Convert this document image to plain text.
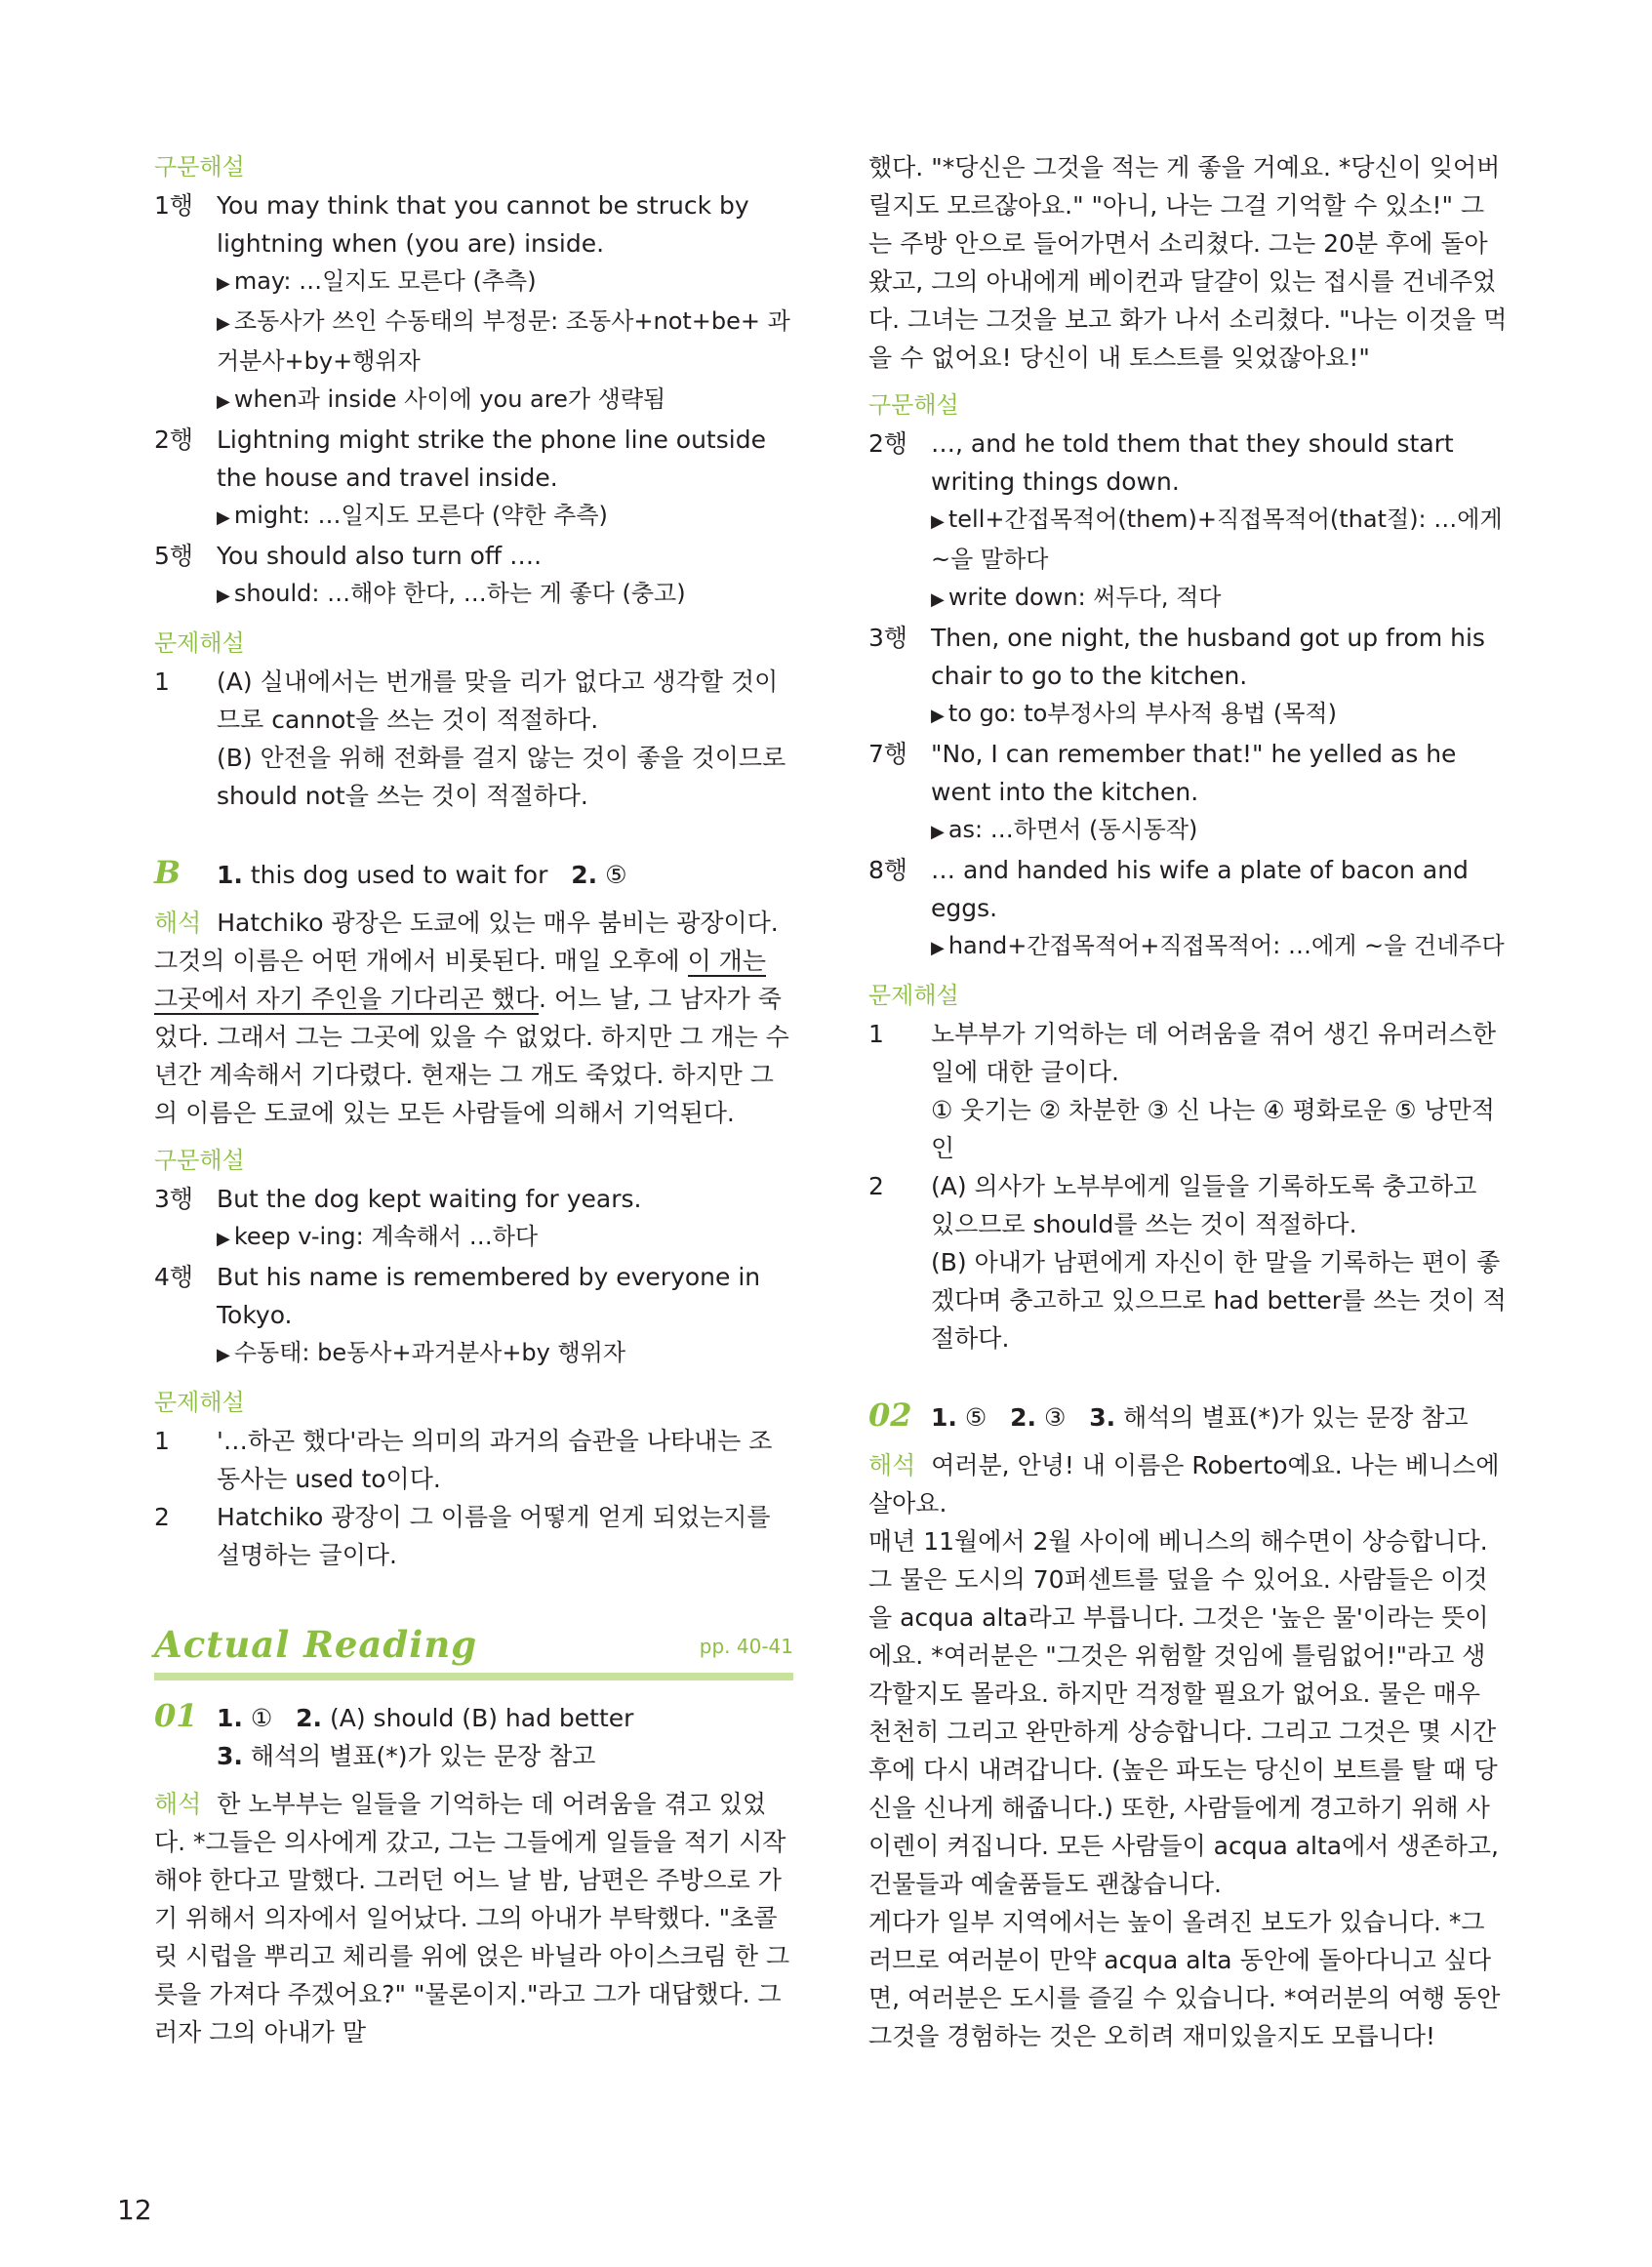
구문해설
1행 You may think that you cannot be struck by lightning when (you are) inside.
▶ may: …일지도 모른다 (추측)
▶ 조동사가 쓰인 수동태의 부정문: 조동사+not+be+ 과거분사+by+행위자
▶ when과 inside 사이에 you are가 생략됨
2행 Lightning might strike the phone line outside the house and travel inside.
▶ might: …일지도 모른다 (약한 추측)
5행 You should also turn off ….
▶ should: …해야 한다, …하는 게 좋다 (충고)
문제해설
1	(A) 실내에서는 번개를 맞을 리가 없다고 생각할 것이므로 cannot을 쓰는 것이 적절하다.
(B) 안전을 위해 전화를 걸지 않는 것이 좋을 것이므로 should not을 쓰는 것이 적절하다.
B 1. this dog used to wait for 2. ⑤
해석 Hatchiko 광장은 도쿄에 있는 매우 붐비는 광장이다. 그것의 이름은 어떤 개에서 비롯된다. 매일 오후에 이 개는 그곳에서 자기 주인을 기다리곤 했다. 어느 날, 그 남자가 죽었다. 그래서 그는 그곳에 있을 수 없었다. 하지만 그 개는 수년간 계속해서 기다렸다. 현재는 그 개도 죽었다. 하지만 그의 이름은 도쿄에 있는 모든 사람들에 의해서 기억된다.
구문해설
3행 But the dog kept waiting for years.
▶ keep v-ing: 계속해서 …하다
4행 But his name is remembered by everyone in Tokyo.
▶ 수동태: be동사+과거분사+by 행위자
문제해설
1	'…하곤 했다'라는 의미의 과거의 습관을 나타내는 조동사는 used to이다.
2	Hatchiko 광장이 그 이름을 어떻게 얻게 되었는지를 설명하는 글이다.
Actual Reading	pp. 40-41
01 1. ① 2. (A) should (B) had better
3. 해석의 별표(*)가 있는 문장 참고
해석 한 노부부는 일들을 기억하는 데 어려움을 겪고 있었다. *그들은 의사에게 갔고, 그는 그들에게 일들을 적기 시작해야 한다고 말했다. 그러던 어느 날 밤, 남편은 주방으로 가기 위해서 의자에서 일어났다. 그의 아내가 부탁했다. "초콜릿 시럽을 뿌리고 체리를 위에 얹은 바닐라 아이스크림 한 그릇을 가져다 주겠어요?" "물론이지."라고 그가 대답했다. 그러자 그의 아내가 말
했다. "*당신은 그것을 적는 게 좋을 거예요. *당신이 잊어버릴지도 모르잖아요." "아니, 나는 그걸 기억할 수 있소!" 그는 주방 안으로 들어가면서 소리쳤다. 그는 20분 후에 돌아왔고, 그의 아내에게 베이컨과 달걀이 있는 접시를 건네주었다. 그녀는 그것을 보고 화가 나서 소리쳤다. "나는 이것을 먹을 수 없어요! 당신이 내 토스트를 잊었잖아요!"
구문해설
2행 …, and he told them that they should start writing things down.
▶ tell+간접목적어(them)+직접목적어(that절): …에게 ~을 말하다
▶ write down: 써두다, 적다
3행 Then, one night, the husband got up from his chair to go to the kitchen.
▶ to go: to부정사의 부사적 용법 (목적)
7행 "No, I can remember that!" he yelled as he went into the kitchen.
▶ as: …하면서 (동시동작)
8행 … and handed his wife a plate of bacon and eggs.
▶ hand+간접목적어+직접목적어: …에게 ~을 건네주다
문제해설
1	노부부가 기억하는 데 어려움을 겪어 생긴 유머러스한 일에 대한 글이다.
① 웃기는 ② 차분한 ③ 신 나는 ④ 평화로운 ⑤ 낭만적인
2	(A) 의사가 노부부에게 일들을 기록하도록 충고하고 있으므로 should를 쓰는 것이 적절하다.
(B) 아내가 남편에게 자신이 한 말을 기록하는 편이 좋겠다며 충고하고 있으므로 had better를 쓰는 것이 적절하다.
02 1. ⑤ 2. ③ 3. 해석의 별표(*)가 있는 문장 참고
해석 여러분, 안녕! 내 이름은 Roberto예요. 나는 베니스에 살아요.
매년 11월에서 2월 사이에 베니스의 해수면이 상승합니다. 그 물은 도시의 70퍼센트를 덮을 수 있어요. 사람들은 이것을 acqua alta라고 부릅니다. 그것은 '높은 물'이라는 뜻이에요. *여러분은 "그것은 위험할 것임에 틀림없어!"라고 생각할지도 몰라요. 하지만 걱정할 필요가 없어요. 물은 매우 천천히 그리고 완만하게 상승합니다. 그리고 그것은 몇 시간 후에 다시 내려갑니다. (높은 파도는 당신이 보트를 탈 때 당신을 신나게 해줍니다.) 또한, 사람들에게 경고하기 위해 사이렌이 켜집니다. 모든 사람들이 acqua alta에서 생존하고, 건물들과 예술품들도 괜찮습니다.
게다가 일부 지역에서는 높이 올려진 보도가 있습니다. *그러므로 여러분이 만약 acqua alta 동안에 돌아다니고 싶다면, 여러분은 도시를 즐길 수 있습니다. *여러분의 여행 동안 그것을 경험하는 것은 오히려 재미있을지도 모릅니다!
12
